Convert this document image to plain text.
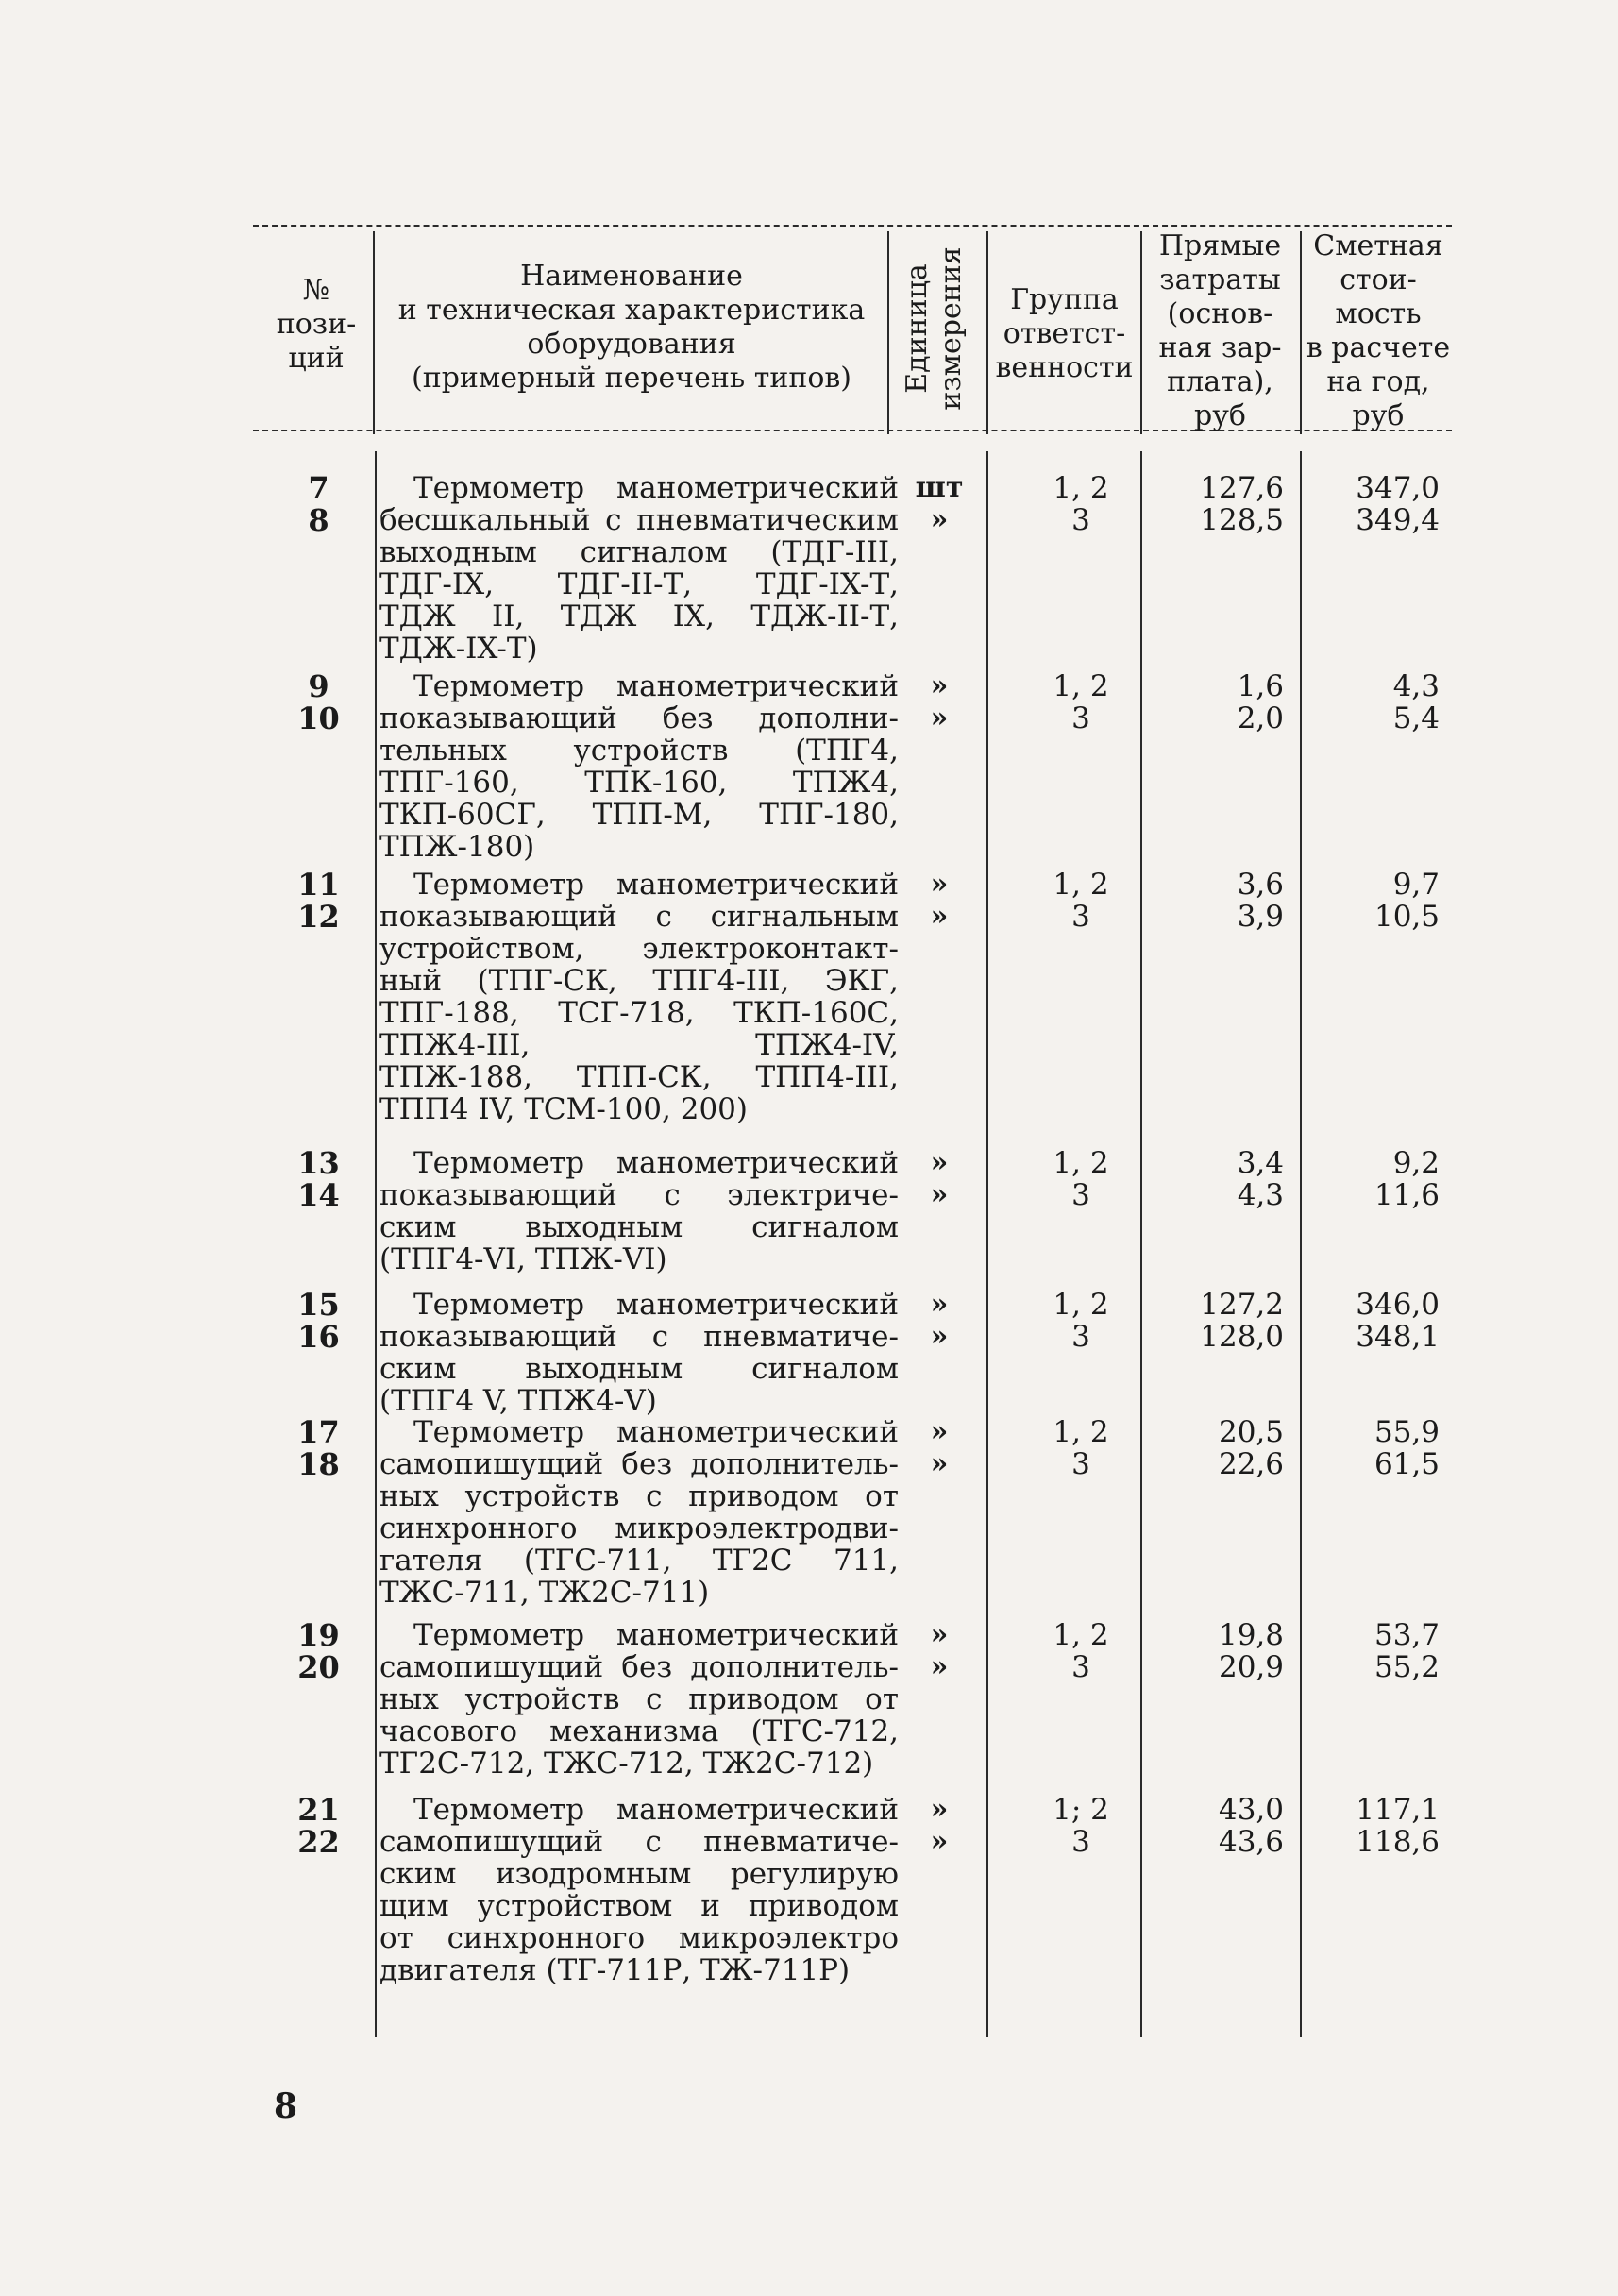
№
пози-
ций
Наименование
и техническая характеристика
оборудования
(примерный перечень типов)	Единица
измерения	Группа
ответст-
венности
Прямые
затраты
(основ-
ная зар-
плата),
руб
Сметная
стои-
мость
в расчете
на год,
руб
7
8
Термометр манометрический
бесшкальный с пневматическим
выходным сигналом (ТДГ-III,
ТДГ-IX, ТДГ-II-Т, ТДГ-IX-Т,
ТДЖ II, ТДЖ IX, ТДЖ-II-Т,
ТДЖ-IX-Т)
шт
»
1, 2
3
127,6
128,5
347,0
349,4
9
10
Термометр манометрический
показывающий без дополни-
тельных устройств (ТПГ4,
ТПГ-160, ТПК-160, ТПЖ4,
ТКП-60СГ, ТПП-М, ТПГ-180,
ТПЖ-180)
»
»
1, 2
3
1,6
2,0
4,3
5,4
11
12
Термометр манометрический
показывающий с сигнальным
устройством, электроконтакт-
ный (ТПГ-СК, ТПГ4-III, ЭКГ,
ТПГ-188, ТСГ-718, ТКП-160С,
ТПЖ4-III, ТПЖ4-IV,
ТПЖ-188, ТПП-СК, ТПП4-III,
ТПП4 IV, ТСМ-100, 200)
»
»
1, 2
3
3,6
3,9
9,7
10,5
13
14
Термометр манометрический
показывающий с электриче-
ским выходным сигналом
(ТПГ4-VI, ТПЖ-VI)
»
»
1, 2
3
3,4
4,3
9,2
11,6
15
16
Термометр манометрический
показывающий с пневматиче-
ским выходным сигналом
(ТПГ4 V, ТПЖ4-V)
»
»
1, 2
3
127,2
128,0
346,0
348,1
17
18
Термометр манометрический
самопишущий без дополнитель-
ных устройств с приводом от
синхронного микроэлектродви-
гателя (ТГС-711, ТГ2С 711,
ТЖС-711, ТЖ2С-711)
»
»
1, 2
3
20,5
22,6
55,9
61,5
19
20
Термометр манометрический
самопишущий без дополнитель-
ных устройств с приводом от
часового механизма (ТГС-712,
ТГ2С-712, ТЖС-712, ТЖ2С-712)
»
»
1, 2
3
19,8
20,9
53,7
55,2
21
22
Термометр манометрический
самопишущий с пневматиче-
ским изодромным регулирую
щим устройством и приводом
от синхронного микроэлектро
двигателя (ТГ-711Р, ТЖ-711Р)
»
»
1; 2
3
43,0
43,6
117,1
118,6
8
